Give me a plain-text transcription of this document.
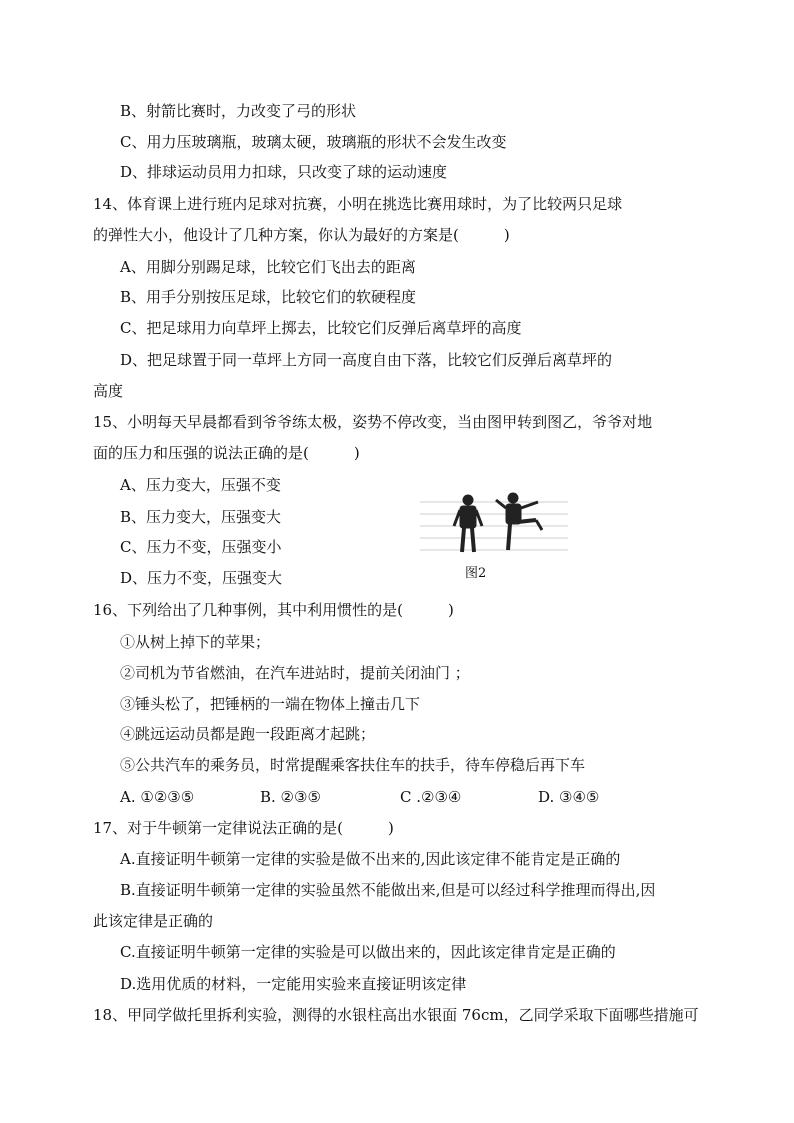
B、射箭比赛时，力改变了弓的形状
C、用力压玻璃瓶，玻璃太硬，玻璃瓶的形状不会发生改变
D、排球运动员用力扣球，只改变了球的运动速度
14、体育课上进行班内足球对抗赛，小明在挑选比赛用球时，为了比较两只足球
的弹性大小，他设计了几种方案，你认为最好的方案是(　　　)
A、用脚分别踢足球，比较它们飞出去的距离
B、用手分别按压足球，比较它们的软硬程度
C、把足球用力向草坪上掷去，比较它们反弹后离草坪的高度
D、把足球置于同一草坪上方同一高度自由下落，比较它们反弹后离草坪的
高度
15、小明每天早晨都看到爷爷练太极，姿势不停改变，当由图甲转到图乙，爷爷对地
面的压力和压强的说法正确的是(　　　)
A、压力变大，压强不变
B、压力变大，压强变大
C、压力不变，压强变小
D、压力不变，压强变大	图2
16、下列给出了几种事例，其中利用惯性的是(　　　)
①从树上掉下的苹果；
②司机为节省燃油，在汽车进站时，提前关闭油门 ；
③锤头松了，把锤柄的一端在物体上撞击几下
④跳远运动员都是跑一段距离才起跳；
⑤公共汽车的乘务员，时常提醒乘客扶住车的扶手，待车停稳后再下车
A. ①②③⑤	B. ②③⑤	C .②③④	D. ③④⑤
17、对于牛顿第一定律说法正确的是(　　　)
A.直接证明牛顿第一定律的实验是做不出来的,因此该定律不能肯定是正确的
B.直接证明牛顿第一定律的实验虽然不能做出来,但是可以经过科学推理而得出,因
此该定律是正确的
C.直接证明牛顿第一定律的实验是可以做出来的，因此该定律肯定是正确的
D.选用优质的材料，一定能用实验来直接证明该定律
18、甲同学做托里拆利实验，测得的水银柱高出水银面 76cm，乙同学采取下面哪些措施可
